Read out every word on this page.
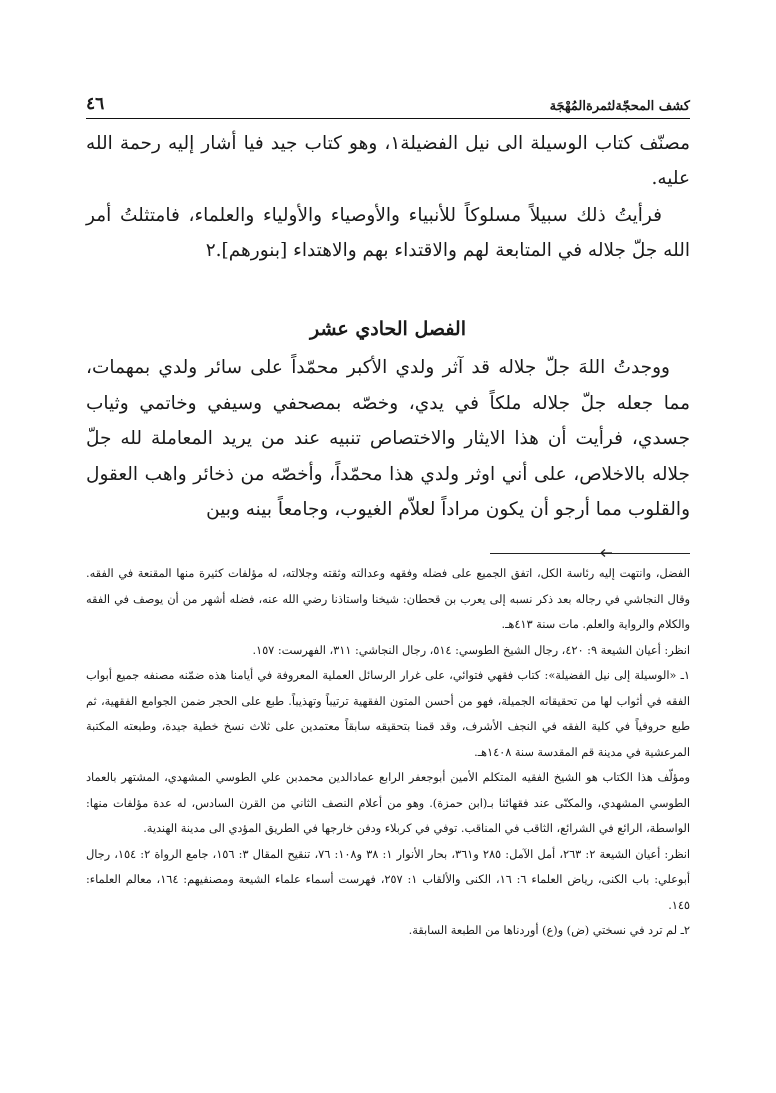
كشف المحجّةلثمرةالمُهْجَة
٤٦
مصنّف كتاب الوسيلة الى نيل الفضيلة١، وهو كتاب جيد فيا أشار إليه رحمة الله عليه.
فرأيتُ ذلك سبيلاً مسلوكاً للأنبياء والأوصياء والأولياء والعلماء، فامتثلتُ أمر الله جلّ جلاله في المتابعة لهم والاقتداء بهم والاهتداء [بنورهم].٢
الفصل الحادي عشر
ووجدتُ اللهَ جلّ جلاله قد آثر ولدي الأكبر محمّداً على سائر ولدي بمهمات، مما جعله جلّ جلاله ملكاً في يدي، وخصّه بمصحفي وسيفي وخاتمي وثياب جسدي، فرأيت أن هذا الايثار والاختصاص تنبيه عند من يريد المعاملة لله جلّ جلاله بالاخلاص، على أني اوثر ولدي هذا محمّداً، وأخصّه من ذخائر واهب العقول والقلوب مما أرجو أن يكون مراداً لعلاّم الغيوب، وجامعاً بينه وبين

الفضل، وانتهت إليه رئاسة الكل، اتفق الجميع على فضله وفقهه وعدالته وثقته وجلالته، له مؤلفات كثيرة منها المقنعة في الفقه. وقال النجاشي في رجاله بعد ذكر نسبه إلى يعرب بن قحطان: شيخنا واستاذنا رضي الله عنه، فضله أشهر من أن يوصف في الفقه والكلام والرواية والعلم. مات سنة ٤١٣هـ.

انظر: أعيان الشيعة ٩: ٤٢٠، رجال الشيخ الطوسي: ٥١٤، رجال النجاشي: ٣١١، الفهرست: ١٥٧.

١ـ «الوسيلة إلى نيل الفضيلة»: كتاب فقهي فتوائي، على غرار الرسائل العملية المعروفة في أيامنا هذه ضمّنه مصنفه جميع أبواب الفقه في أثواب لها من تحقيقاته الجميلة، فهو من أحسن المتون الفقهية ترتيباً وتهذيباً. طبع على الحجر ضمن الجوامع الفقهية، ثم طبع حروفياً في كلية الفقه في النجف الأشرف، وقد قمنا بتحقيقه سابقاً معتمدين على ثلاث نسخ خطية جيدة، وطبعته المكتبة المرعشية في مدينة قم المقدسة سنة ١٤٠٨هـ.

ومؤلّف هذا الكتاب هو الشيخ الفقيه المتكلم الأمين أبوجعفر الرابع عمادالدين محمدبن علي الطوسي المشهدي، المشتهر بالعماد الطوسي المشهدي، والمكنّى عند فقهائنا بـ(ابن حمزة). وهو من أعلام النصف الثاني من القرن السادس، له عدة مؤلفات منها: الواسطة، الرائع في الشرائع، الثاقب في المناقب. توفي في كربلاء ودفن خارجها في الطريق المؤدي الى مدينة الهندية.

انظر: أعيان الشيعة ٢: ٢٦٣، أمل الآمل: ٢٨٥ و٣٦١، بحار الأنوار ١: ٣٨ و١٠٨: ٧٦، تنقيح المقال ٣: ١٥٦، جامع الرواة ٢: ١٥٤، رجال أبوعلي: باب الكنى، رياض العلماء ٦: ١٦، الكنى والألقاب ١: ٢٥٧، فهرست أسماء علماء الشيعة ومصنفيهم: ١٦٤، معالم العلماء: ١٤٥.

٢ـ لم ترد في نسختي (ض) و(ع) أوردناها من الطبعة السابقة.
